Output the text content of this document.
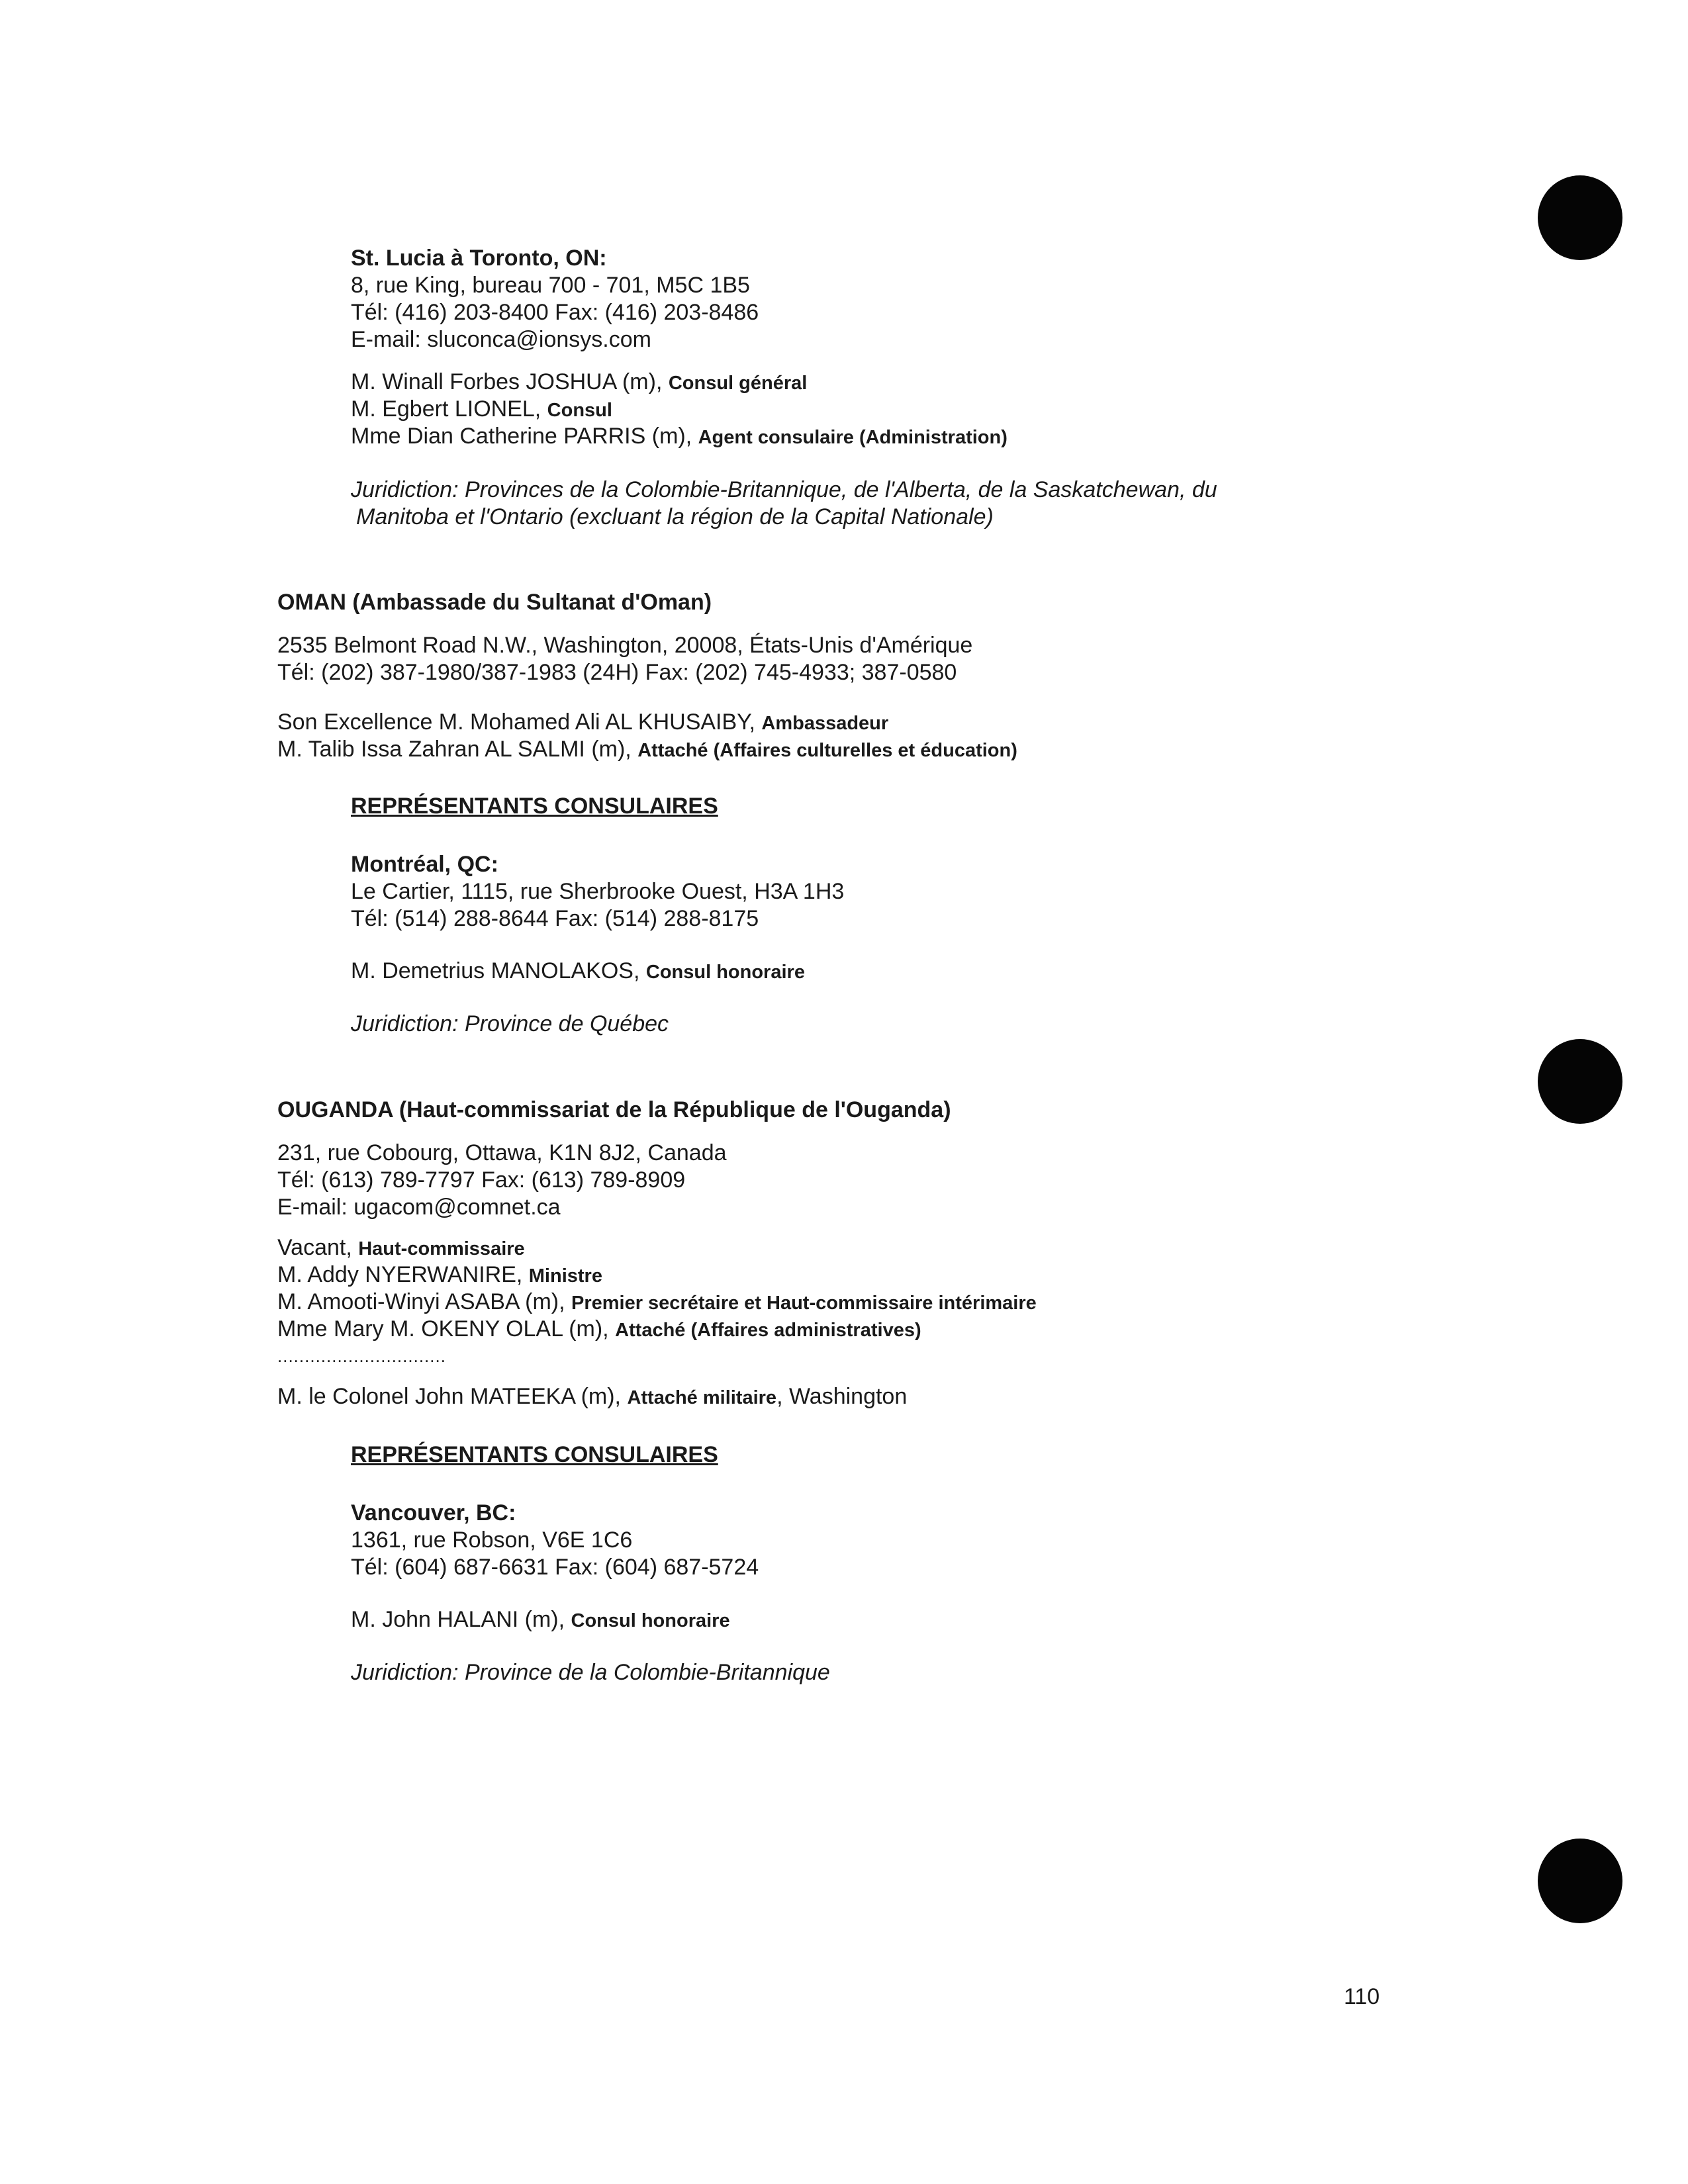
St. Lucia à Toronto, ON:
8, rue King, bureau 700 - 701, M5C 1B5
Tél: (416) 203-8400 Fax: (416) 203-8486
E-mail: sluconca@ionsys.com
M. Winall Forbes JOSHUA (m), Consul général
M. Egbert LIONEL, Consul
Mme Dian Catherine PARRIS (m), Agent consulaire (Administration)
Juridiction: Provinces de la Colombie-Britannique, de l'Alberta, de la Saskatchewan, du
Manitoba et l'Ontario (excluant la région de la Capital Nationale)
OMAN (Ambassade du Sultanat d'Oman)
2535 Belmont Road N.W., Washington, 20008, États-Unis d'Amérique
Tél: (202) 387-1980/387-1983 (24H) Fax: (202) 745-4933; 387-0580
Son Excellence M. Mohamed Ali AL KHUSAIBY, Ambassadeur
M. Talib Issa Zahran AL SALMI (m), Attaché (Affaires culturelles et éducation)
REPRÉSENTANTS CONSULAIRES
Montréal, QC:
Le Cartier, 1115, rue Sherbrooke Ouest, H3A 1H3
Tél: (514) 288-8644 Fax: (514) 288-8175
M. Demetrius MANOLAKOS, Consul honoraire
Juridiction: Province de Québec
OUGANDA (Haut-commissariat de la République de l'Ouganda)
231, rue Cobourg, Ottawa, K1N 8J2, Canada
Tél: (613) 789-7797 Fax: (613) 789-8909
E-mail: ugacom@comnet.ca
Vacant, Haut-commissaire
M. Addy NYERWANIRE, Ministre
M. Amooti-Winyi ASABA (m), Premier secrétaire et Haut-commissaire intérimaire
Mme Mary M. OKENY OLAL (m), Attaché (Affaires administratives)
...............................
M. le Colonel John MATEEKA (m), Attaché militaire, Washington
REPRÉSENTANTS CONSULAIRES
Vancouver, BC:
1361, rue Robson, V6E 1C6
Tél: (604) 687-6631 Fax: (604) 687-5724
M. John HALANI (m), Consul honoraire
Juridiction: Province de la Colombie-Britannique
110
